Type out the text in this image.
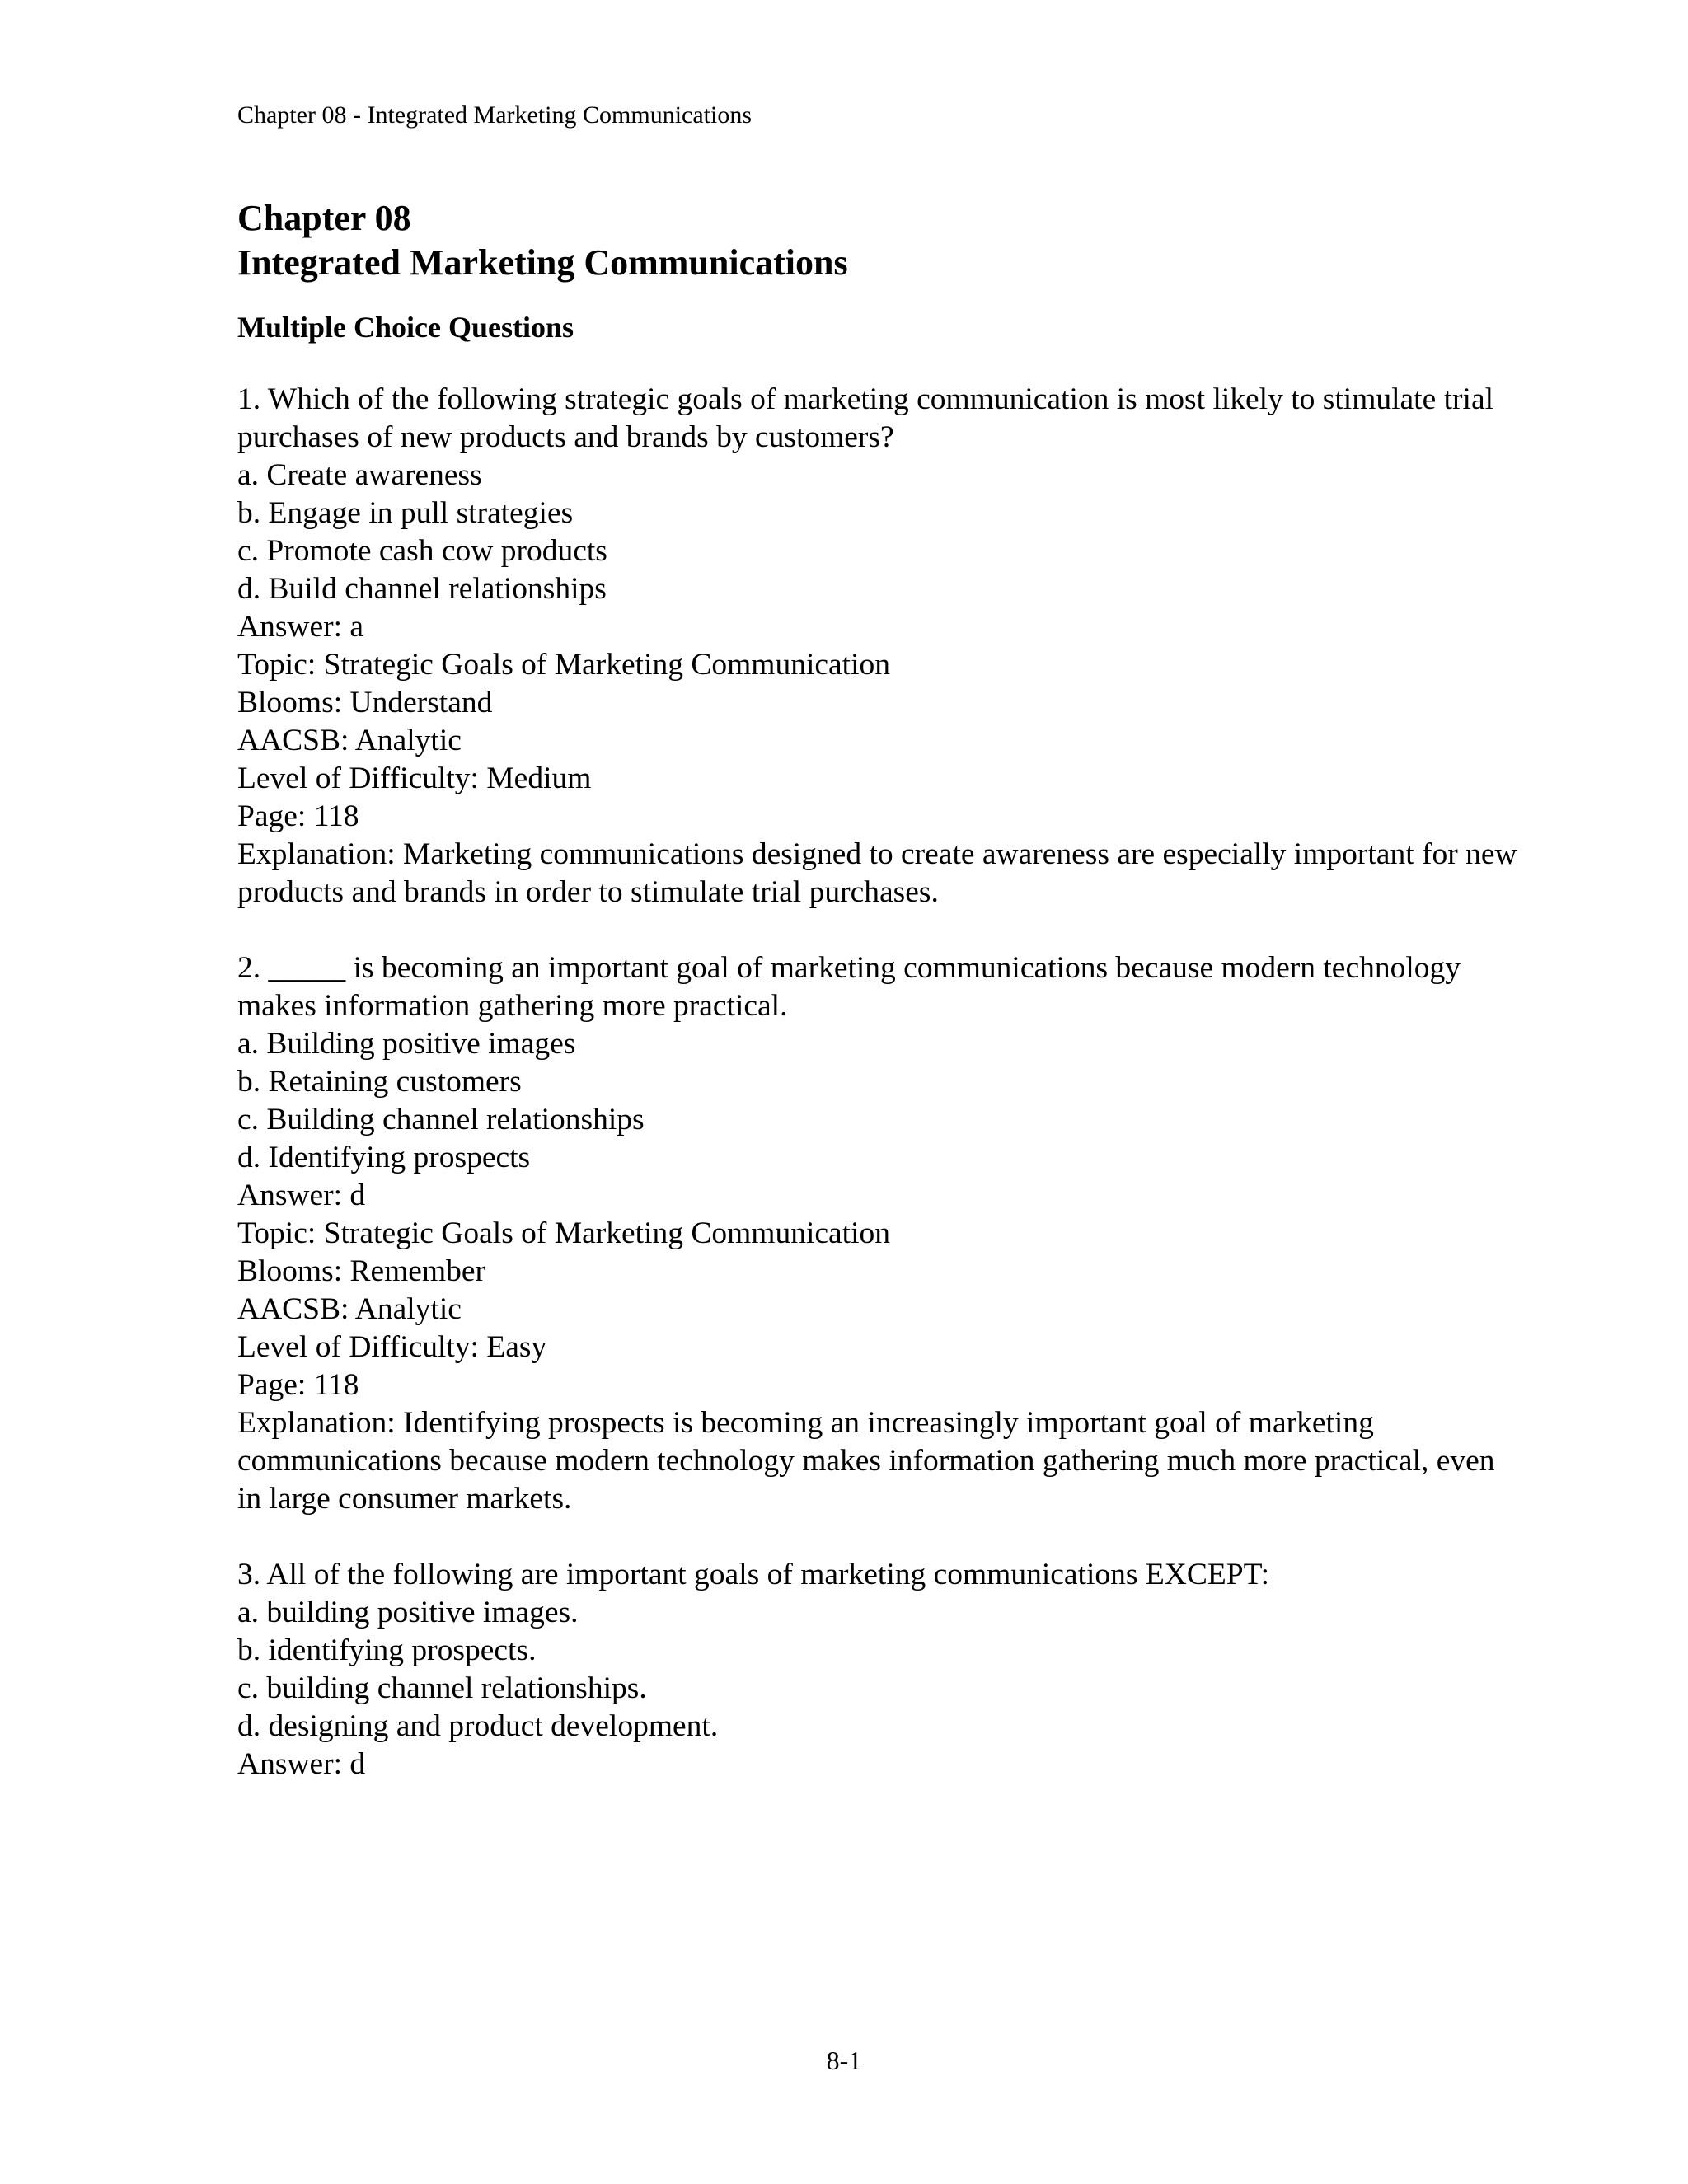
Chapter 08 - Integrated Marketing Communications
Chapter 08
Integrated Marketing Communications
Multiple Choice Questions
1. Which of the following strategic goals of marketing communication is most likely to stimulate trial purchases of new products and brands by customers?
a. Create awareness
b. Engage in pull strategies
c. Promote cash cow products
d. Build channel relationships
Answer: a
Topic: Strategic Goals of Marketing Communication
Blooms: Understand
AACSB: Analytic
Level of Difficulty: Medium
Page: 118
Explanation: Marketing communications designed to create awareness are especially important for new products and brands in order to stimulate trial purchases.
2. _____ is becoming an important goal of marketing communications because modern technology makes information gathering more practical.
a. Building positive images
b. Retaining customers
c. Building channel relationships
d. Identifying prospects
Answer: d
Topic: Strategic Goals of Marketing Communication
Blooms: Remember
AACSB: Analytic
Level of Difficulty: Easy
Page: 118
Explanation: Identifying prospects is becoming an increasingly important goal of marketing communications because modern technology makes information gathering much more practical, even in large consumer markets.
3. All of the following are important goals of marketing communications EXCEPT:
a. building positive images.
b. identifying prospects.
c. building channel relationships.
d. designing and product development.
Answer: d
8-1
